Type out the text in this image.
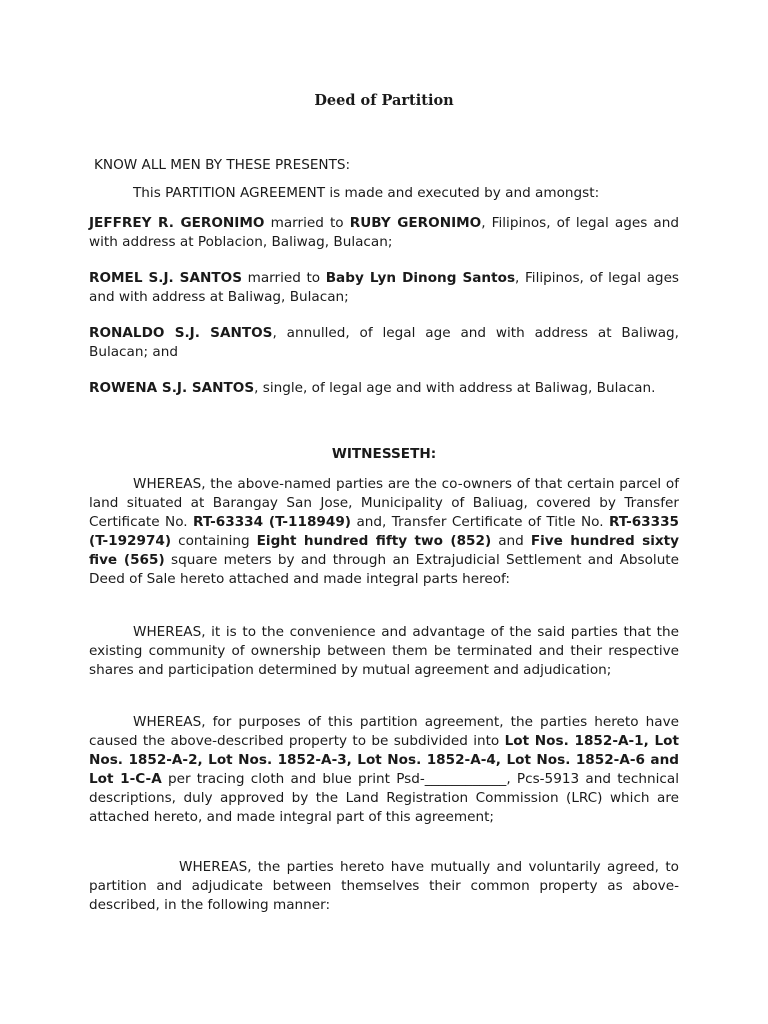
Deed of Partition
KNOW ALL MEN BY THESE PRESENTS:
This PARTITION AGREEMENT is made and executed by and amongst:

JEFFREY R. GERONIMO married to RUBY GERONIMO, Filipinos, of legal ages and with address at Poblacion, Baliwag, Bulacan;

ROMEL S.J. SANTOS married to Baby Lyn Dinong Santos, Filipinos, of legal ages and with address at Baliwag, Bulacan;

RONALDO S.J. SANTOS, annulled, of legal age and with address at Baliwag, Bulacan; and

ROWENA S.J. SANTOS, single, of legal age and with address at Baliwag, Bulacan.

WITNESSETH:

WHEREAS, the above-named parties are the co-owners of that certain parcel of land situated at Barangay San Jose, Municipality of Baliuag, covered by Transfer Certificate No. RT-63334 (T-118949) and, Transfer Certificate of Title No. RT-63335 (T-192974) containing Eight hundred fifty two (852) and Five hundred sixty five (565) square meters by and through an Extrajudicial Settlement and Absolute Deed of Sale hereto attached and made integral parts hereof:

WHEREAS, it is to the convenience and advantage of the said parties that the existing community of ownership between them be terminated and their respective shares and participation determined by mutual agreement and adjudication;

WHEREAS, for purposes of this partition agreement, the parties hereto have caused the above-described property to be subdivided into Lot Nos. 1852-A-1, Lot Nos. 1852-A-2, Lot Nos. 1852-A-3, Lot Nos. 1852-A-4, Lot Nos. 1852-A-6 and Lot 1-C-A per tracing cloth and blue print Psd-____________, Pcs-5913 and technical descriptions, duly approved by the Land Registration Commission (LRC) which are attached hereto, and made integral part of this agreement;

WHEREAS, the parties hereto have mutually and voluntarily agreed, to partition and adjudicate between themselves their common property as above-described, in the following manner:
